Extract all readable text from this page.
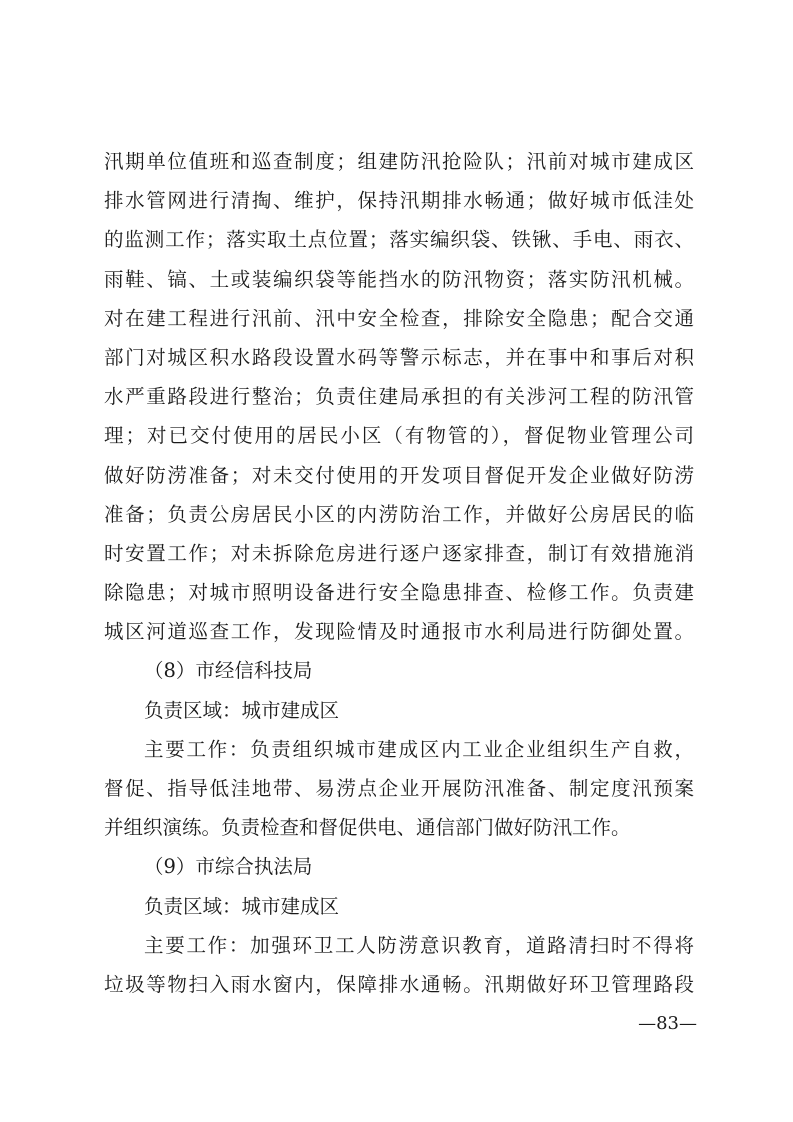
汛期单位值班和巡查制度；组建防汛抢险队；汛前对城市建成区
排水管网进行清掏、维护，保持汛期排水畅通；做好城市低洼处
的监测工作；落实取土点位置；落实编织袋、铁锹、手电、雨衣、
雨鞋、镐、土或装编织袋等能挡水的防汛物资；落实防汛机械。
对在建工程进行汛前、汛中安全检查，排除安全隐患；配合交通
部门对城区积水路段设置水码等警示标志，并在事中和事后对积
水严重路段进行整治；负责住建局承担的有关涉河工程的防汛管
理；对已交付使用的居民小区（有物管的），督促物业管理公司
做好防涝准备；对未交付使用的开发项目督促开发企业做好防涝
准备；负责公房居民小区的内涝防治工作，并做好公房居民的临
时安置工作；对未拆除危房进行逐户逐家排查，制订有效措施消
除隐患；对城市照明设备进行安全隐患排查、检修工作。负责建
城区河道巡查工作，发现险情及时通报市水利局进行防御处置。
（8）市经信科技局
负责区域：城市建成区
主要工作：负责组织城市建成区内工业企业组织生产自救，
督促、指导低洼地带、易涝点企业开展防汛准备、制定度汛预案
并组织演练。负责检查和督促供电、通信部门做好防汛工作。
（9）市综合执法局
负责区域：城市建成区
主要工作：加强环卫工人防涝意识教育，道路清扫时不得将
垃圾等物扫入雨水窗内，保障排水通畅。汛期做好环卫管理路段
—83—
